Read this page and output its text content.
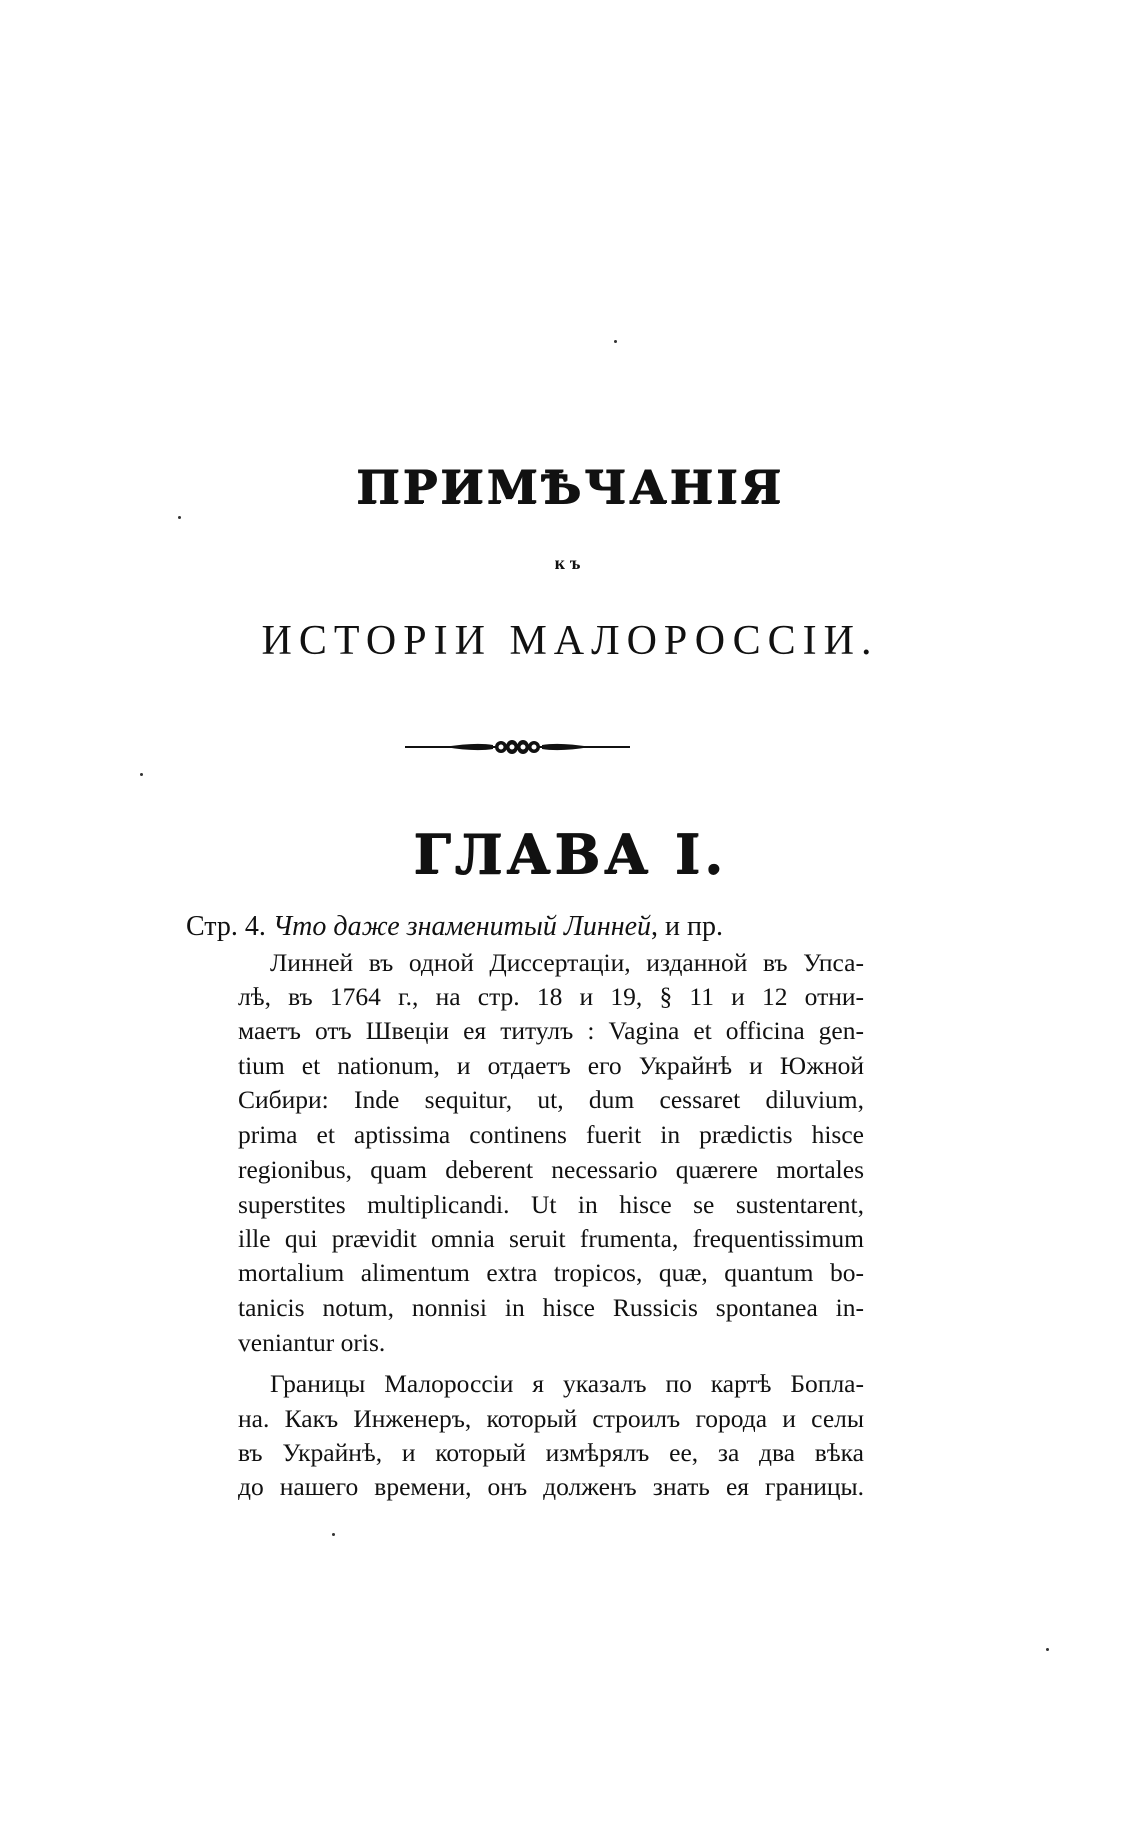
ПРИМѢЧАНІЯ
къ
ИСТОРІИ МАЛОРОССІИ.
ГЛАВА I.
Стр. 4. Что даже знаменитый Линней, и пр.
Линней въ одной Диссертаціи, изданной въ Упса-
лѣ, въ 1764 г., на стр. 18 и 19, § 11 и 12 отни-
маетъ отъ Швеціи ея титулъ : Vagina et officina gen-
tium et nationum, и отдаетъ его Украйнѣ и Южной
Сибири: Inde sequitur, ut, dum cessaret diluvium,
prima et aptissima continens fuerit in prædictis hisce
regionibus, quam deberent necessario quærere mortales
superstites multiplicandi. Ut in hisce se sustentarent,
ille qui prævidit omnia seruit frumenta, frequentissimum
mortalium alimentum extra tropicos, quæ, quantum bo-
tanicis notum, nonnisi in hisce Russicis spontanea in-
veniantur oris.
Границы Малороссіи я указалъ по картѣ Бопла-
на. Какъ Инженеръ, который строилъ города и селы
въ Украйнѣ, и который измѣрялъ ее, за два вѣка
до нашего времени, онъ долженъ знать ея границы.
